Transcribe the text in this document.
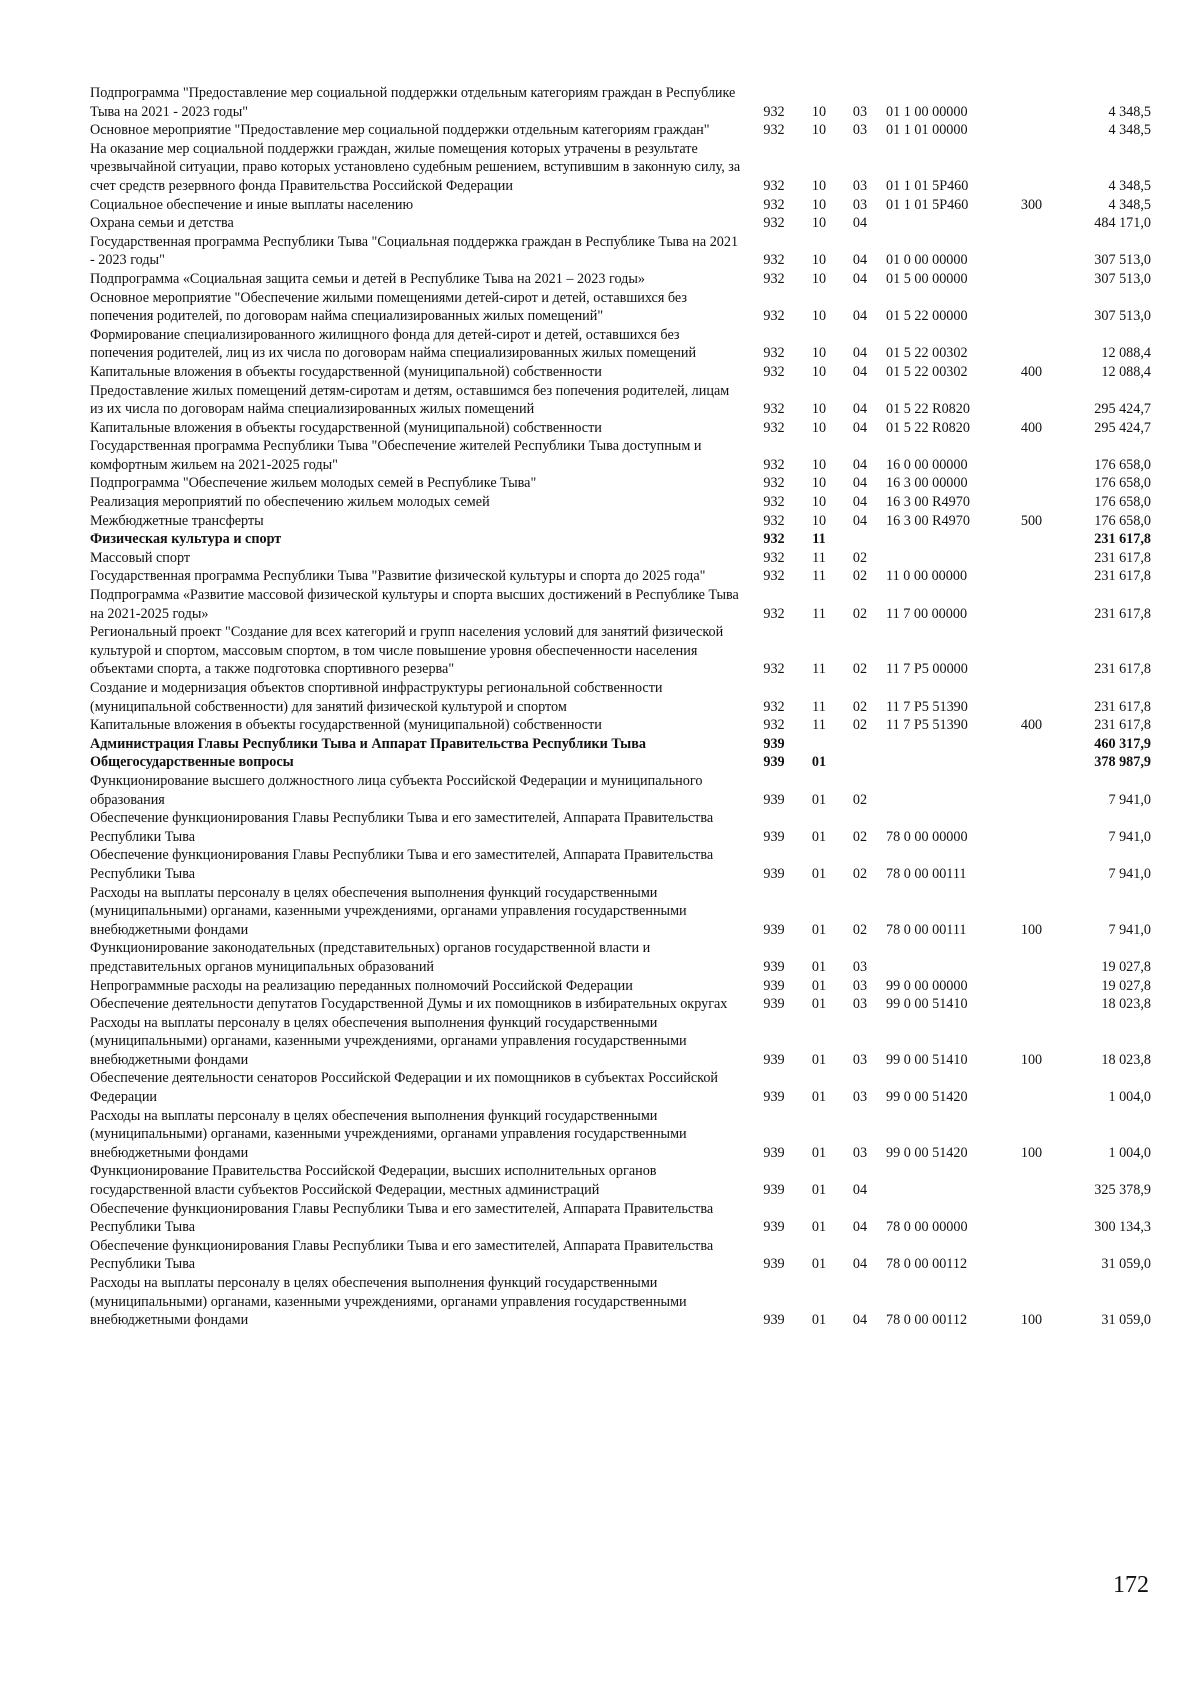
Подпрограмма "Предоставление мер социальной поддержки отдельным категориям граждан в Республике Тыва на 2021 - 2023 годы"	932	10	03	01 1 00 00000		4 348,5
Основное мероприятие "Предоставление мер социальной поддержки отдельным категориям граждан"	932	10	03	01 1 01 00000		4 348,5
На оказание мер социальной поддержки граждан, жилые помещения которых утрачены в результате чрезвычайной ситуации, право которых установлено судебным решением, вступившим в законную силу, за счет средств резервного фонда Правительства Российской Федерации	932	10	03	01 1 01 5Р460		4 348,5
Социальное обеспечение и иные выплаты населению	932	10	03	01 1 01 5Р460	300	4 348,5
Охрана семьи и детства	932	10	04			484 171,0
Государственная программа Республики Тыва "Социальная поддержка граждан в Республике Тыва на 2021 - 2023 годы"	932	10	04	01 0 00 00000		307 513,0
Подпрограмма «Социальная защита семьи и детей в Республике Тыва на 2021 – 2023 годы»	932	10	04	01 5 00 00000		307 513,0
Основное мероприятие "Обеспечение жилыми помещениями детей-сирот и детей, оставшихся без попечения родителей, по договорам найма специализированных жилых помещений"	932	10	04	01 5 22 00000		307 513,0
Формирование специализированного жилищного фонда для детей-сирот и детей, оставшихся без попечения родителей, лиц из их числа по договорам найма специализированных жилых помещений	932	10	04	01 5 22 00302		12 088,4
Капитальные вложения в объекты государственной (муниципальной) собственности	932	10	04	01 5 22 00302	400	12 088,4
Предоставление жилых помещений детям-сиротам и детям, оставшимся без попечения родителей, лицам из их числа по договорам найма специализированных жилых помещений	932	10	04	01 5 22 R0820		295 424,7
Капитальные вложения в объекты государственной (муниципальной) собственности	932	10	04	01 5 22 R0820	400	295 424,7
Государственная программа Республики Тыва "Обеспечение жителей Республики Тыва доступным и комфортным жильем на 2021-2025 годы"	932	10	04	16 0 00 00000		176 658,0
Подпрограмма "Обеспечение жильем молодых семей в Республике Тыва"	932	10	04	16 3 00 00000		176 658,0
Реализация мероприятий по обеспечению жильем молодых семей	932	10	04	16 3 00 R4970		176 658,0
Межбюджетные трансферты	932	10	04	16 3 00 R4970	500	176 658,0
Физическая культура и спорт	932	11				231 617,8
Массовый спорт	932	11	02			231 617,8
Государственная программа Республики Тыва "Развитие физической культуры и спорта до 2025 года"	932	11	02	11 0 00 00000		231 617,8
Подпрограмма «Развитие массовой физической культуры и спорта высших достижений в Республике Тыва на 2021-2025 годы»	932	11	02	11 7 00 00000		231 617,8
Региональный проект "Создание для всех категорий и групп населения условий для занятий физической культурой и спортом, массовым спортом, в том числе повышение уровня обеспеченности населения объектами спорта, а также подготовка спортивного резерва"	932	11	02	11 7 Р5 00000		231 617,8
Создание и модернизация объектов спортивной инфраструктуры региональной собственности (муниципальной собственности) для занятий физической культурой и спортом	932	11	02	11 7 Р5 51390		231 617,8
Капитальные вложения в объекты государственной (муниципальной) собственности	932	11	02	11 7 Р5 51390	400	231 617,8
Администрация Главы Республики Тыва и Аппарат Правительства Республики Тыва	939					460 317,9
Общегосударственные вопросы	939	01				378 987,9
Функционирование высшего должностного лица субъекта Российской Федерации и муниципального образования	939	01	02			7 941,0
Обеспечение функционирования Главы Республики Тыва и его заместителей, Аппарата Правительства Республики Тыва	939	01	02	78 0 00 00000		7 941,0
Обеспечение функционирования Главы Республики Тыва и его заместителей, Аппарата Правительства Республики Тыва	939	01	02	78 0 00 00111		7 941,0
Расходы на выплаты персоналу в целях обеспечения выполнения функций государственными (муниципальными) органами, казенными учреждениями, органами управления государственными внебюджетными фондами	939	01	02	78 0 00 00111	100	7 941,0
Функционирование законодательных (представительных) органов государственной власти и представительных органов муниципальных образований	939	01	03			19 027,8
Непрограммные расходы на реализацию переданных полномочий Российской Федерации	939	01	03	99 0 00 00000		19 027,8
Обеспечение деятельности депутатов Государственной Думы и их помощников в избирательных округах	939	01	03	99 0 00 51410		18 023,8
Расходы на выплаты персоналу в целях обеспечения выполнения функций государственными (муниципальными) органами, казенными учреждениями, органами управления государственными внебюджетными фондами	939	01	03	99 0 00 51410	100	18 023,8
Обеспечение деятельности сенаторов Российской Федерации и их помощников в субъектах Российской Федерации	939	01	03	99 0 00 51420		1 004,0
Расходы на выплаты персоналу в целях обеспечения выполнения функций государственными (муниципальными) органами, казенными учреждениями, органами управления государственными внебюджетными фондами	939	01	03	99 0 00 51420	100	1 004,0
Функционирование Правительства Российской Федерации, высших исполнительных органов государственной власти субъектов Российской Федерации, местных администраций	939	01	04			325 378,9
Обеспечение функционирования Главы Республики Тыва и его заместителей, Аппарата Правительства Республики Тыва	939	01	04	78 0 00 00000		300 134,3
Обеспечение функционирования Главы Республики Тыва и его заместителей, Аппарата Правительства Республики Тыва	939	01	04	78 0 00 00112		31 059,0
Расходы на выплаты персоналу в целях обеспечения выполнения функций государственными (муниципальными) органами, казенными учреждениями, органами управления государственными внебюджетными фондами	939	01	04	78 0 00 00112	100	31 059,0
172
